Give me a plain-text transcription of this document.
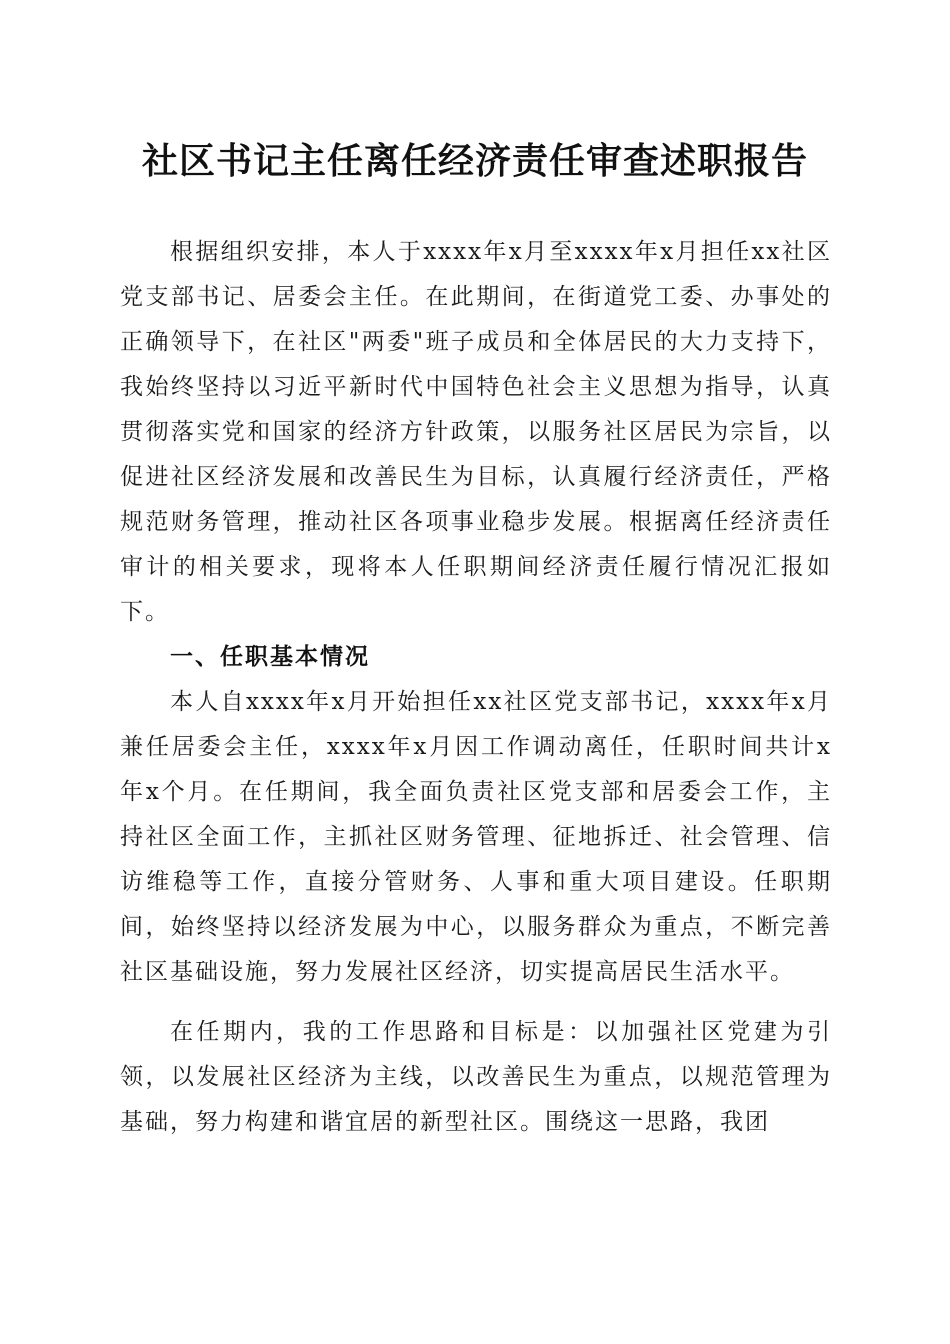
社区书记主任离任经济责任审查述职报告

根据组织安排，本人于xxxx年x月至xxxx年x月担任xx社区党支部书记、居委会主任。在此期间，在街道党工委、办事处的正确领导下，在社区"两委"班子成员和全体居民的大力支持下，我始终坚持以习近平新时代中国特色社会主义思想为指导，认真贯彻落实党和国家的经济方针政策，以服务社区居民为宗旨，以促进社区经济发展和改善民生为目标，认真履行经济责任，严格规范财务管理，推动社区各项事业稳步发展。根据离任经济责任审计的相关要求，现将本人任职期间经济责任履行情况汇报如下。

一、任职基本情况

本人自xxxx年x月开始担任xx社区党支部书记，xxxx年x月兼任居委会主任，xxxx年x月因工作调动离任，任职时间共计x年x个月。在任期间，我全面负责社区党支部和居委会工作，主持社区全面工作，主抓社区财务管理、征地拆迁、社会管理、信访维稳等工作，直接分管财务、人事和重大项目建设。任职期间，始终坚持以经济发展为中心，以服务群众为重点，不断完善社区基础设施，努力发展社区经济，切实提高居民生活水平。

在任期内，我的工作思路和目标是：以加强社区党建为引领，以发展社区经济为主线，以改善民生为重点，以规范管理为基础，努力构建和谐宜居的新型社区。围绕这一思路，我团
